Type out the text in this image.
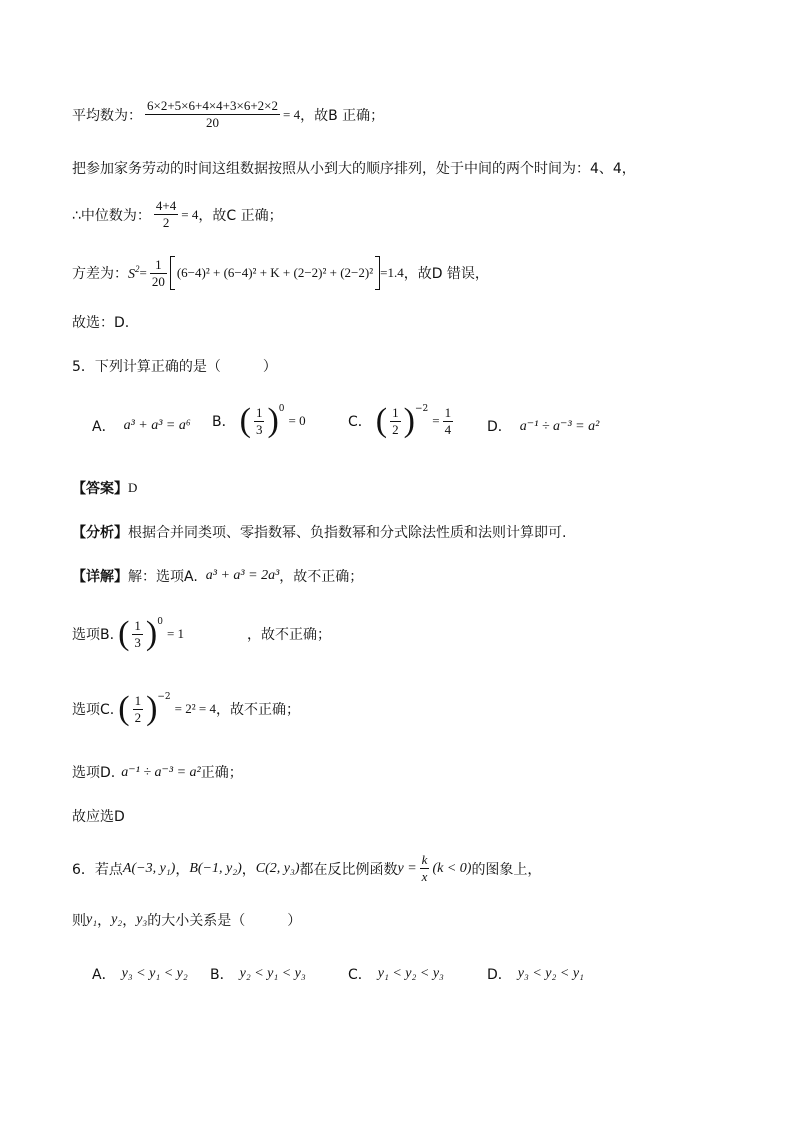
平均数为： $\frac{6\times 2+5\times 6+4\times 4+3\times 6+2\times 2}{20} = 4$ ，故B 正确；
把参加家务劳动的时间这组数据按照从小到大的顺序排列，处于中间的两个时间为：4、4，
∴中位数为： $\frac{4+4}{2} = 4$ ，故C 正确；
方差为： $S^2 = \frac{1}{20} (6-4)^2 + (6-4)^2 + K + (2-2)^2 + (2-2)^2 =1.4$ ，故D 错误，
故选：D.
5．下列计算正确的是（　　　）
A． a³ + a³ = a⁶ B． ( $\frac{1}{3} )^0$
= 0	C． ( $\frac{1}{2} )^{-2}$
= $\frac{1}{4}$ D． a⁻¹ ÷ a⁻³ = a²
【答案】 D
【分析】 根据合并同类项、零指数幂、负指数幂和分式除法性质和法则计算即可.
【详解】 解：选项A. a³ + a³ = 2a³ ，故不正确；
选项B. ( $\frac{1}{3} )^0$
= 1	，故不正确；
选项C. ( $\frac{1}{2} )^{-2}$
= 2² = 4 ，故不正确；
选项D. a⁻¹ ÷ a⁻³ = a² 正确；
故应选D
6．若点 A(−3, y₁) ， B(−1, y₂) ， C(2, y₃) 都在反比例函数 $y = \frac{k}{x} (k < 0)$ 的图象上，
则 y₁ ， y₂ ， y₃ 的大小关系是（　　　）
A． y₃ < y₁ < y₂ B． y₂ < y₁ < y₃	C． y₁ < y₂ < y₃	D． y₃ < y₂ < y₁
